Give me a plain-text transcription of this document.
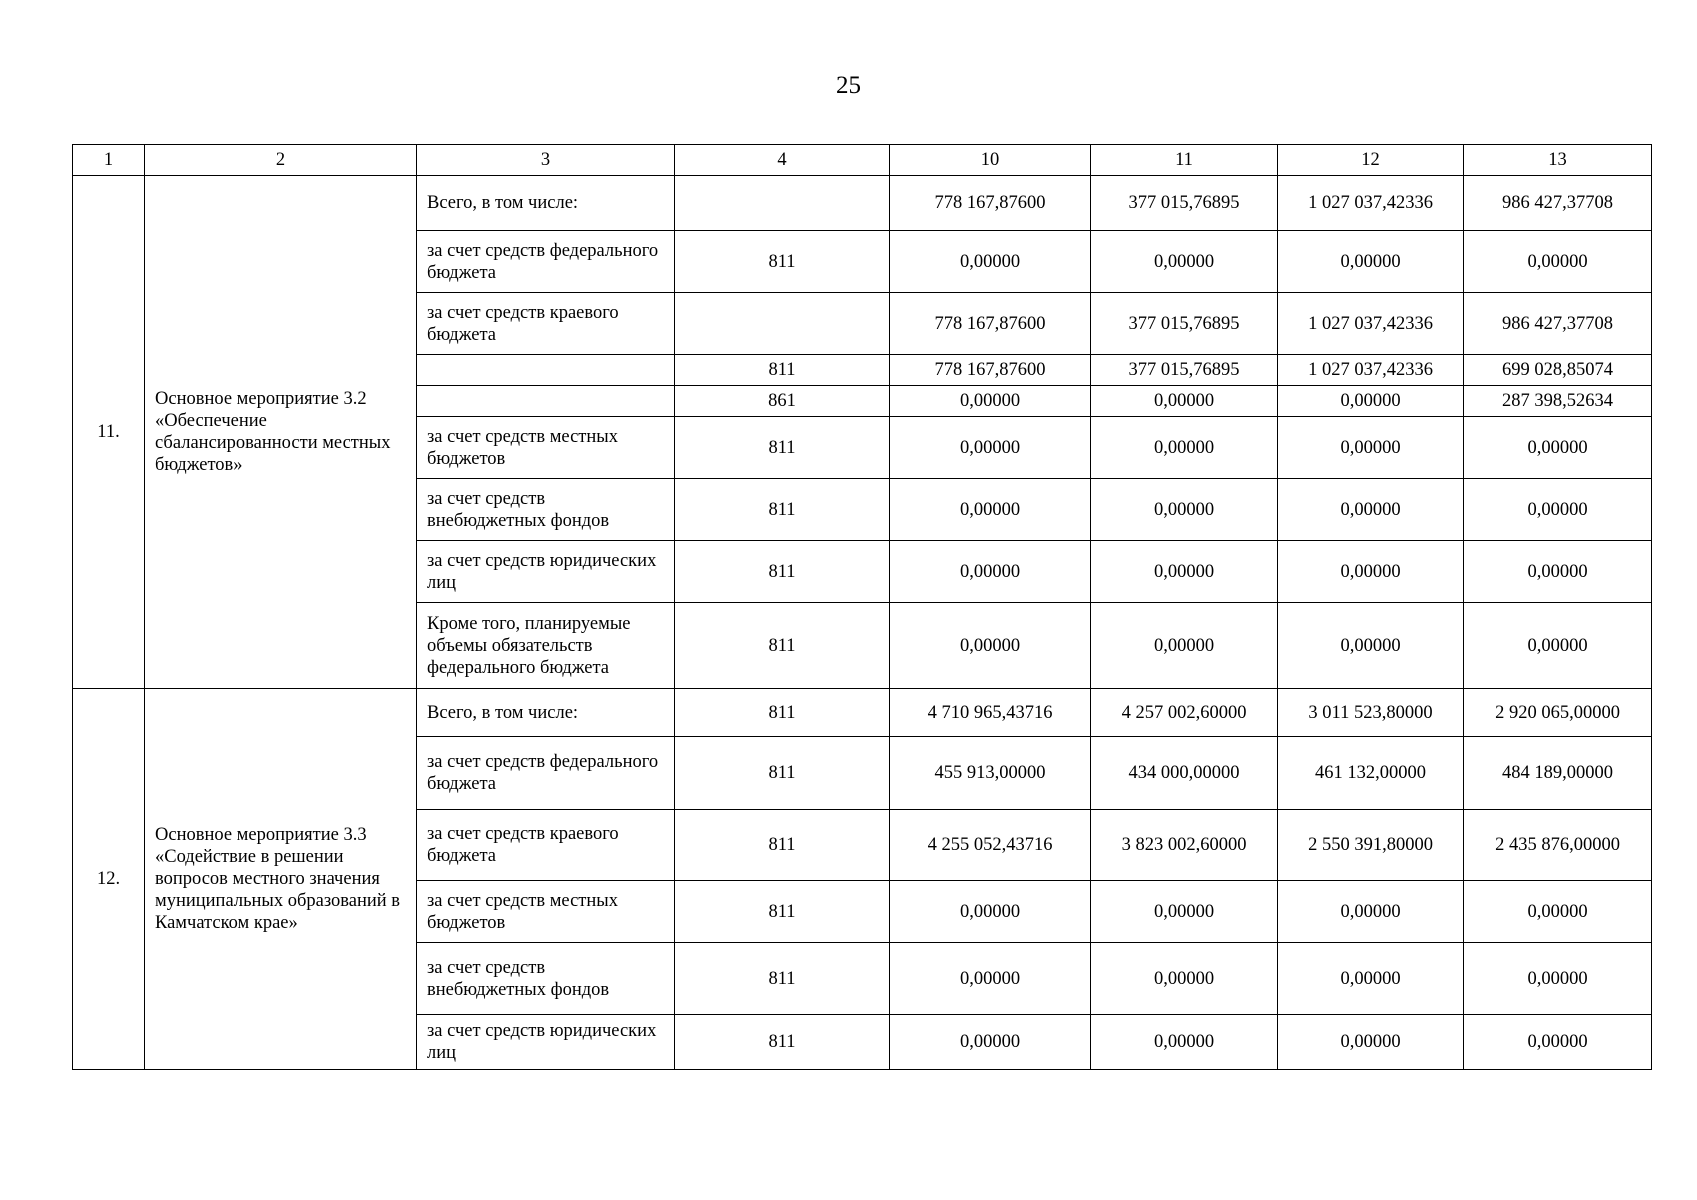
25
1	2	3	4	10	11	12	13
11.	Основное мероприятие 3.2 «Обеспечение сбалансированности местных бюджетов»	Всего, в том числе:		778 167,87600	377 015,76895	1 027 037,42336	986 427,37708
		за счет средств федерального бюджета	811	0,00000	0,00000	0,00000	0,00000
		за счет средств краевого бюджета		778 167,87600	377 015,76895	1 027 037,42336	986 427,37708
			811	778 167,87600	377 015,76895	1 027 037,42336	699 028,85074
			861	0,00000	0,00000	0,00000	287 398,52634
		за счет средств местных бюджетов	811	0,00000	0,00000	0,00000	0,00000
		за счет средств внебюджетных фондов	811	0,00000	0,00000	0,00000	0,00000
		за счет средств юридических лиц	811	0,00000	0,00000	0,00000	0,00000
		Кроме того, планируемые объемы обязательств федерального бюджета	811	0,00000	0,00000	0,00000	0,00000
12.	Основное мероприятие 3.3 «Содействие в решении вопросов местного значения муниципальных образований в Камчатском крае»	Всего, в том числе:	811	4 710 965,43716	4 257 002,60000	3 011 523,80000	2 920 065,00000
		за счет средств федерального бюджета	811	455 913,00000	434 000,00000	461 132,00000	484 189,00000
		за счет средств краевого бюджета	811	4 255 052,43716	3 823 002,60000	2 550 391,80000	2 435 876,00000
		за счет средств местных бюджетов	811	0,00000	0,00000	0,00000	0,00000
		за счет средств внебюджетных фондов	811	0,00000	0,00000	0,00000	0,00000
		за счет средств юридических лиц	811	0,00000	0,00000	0,00000	0,00000
